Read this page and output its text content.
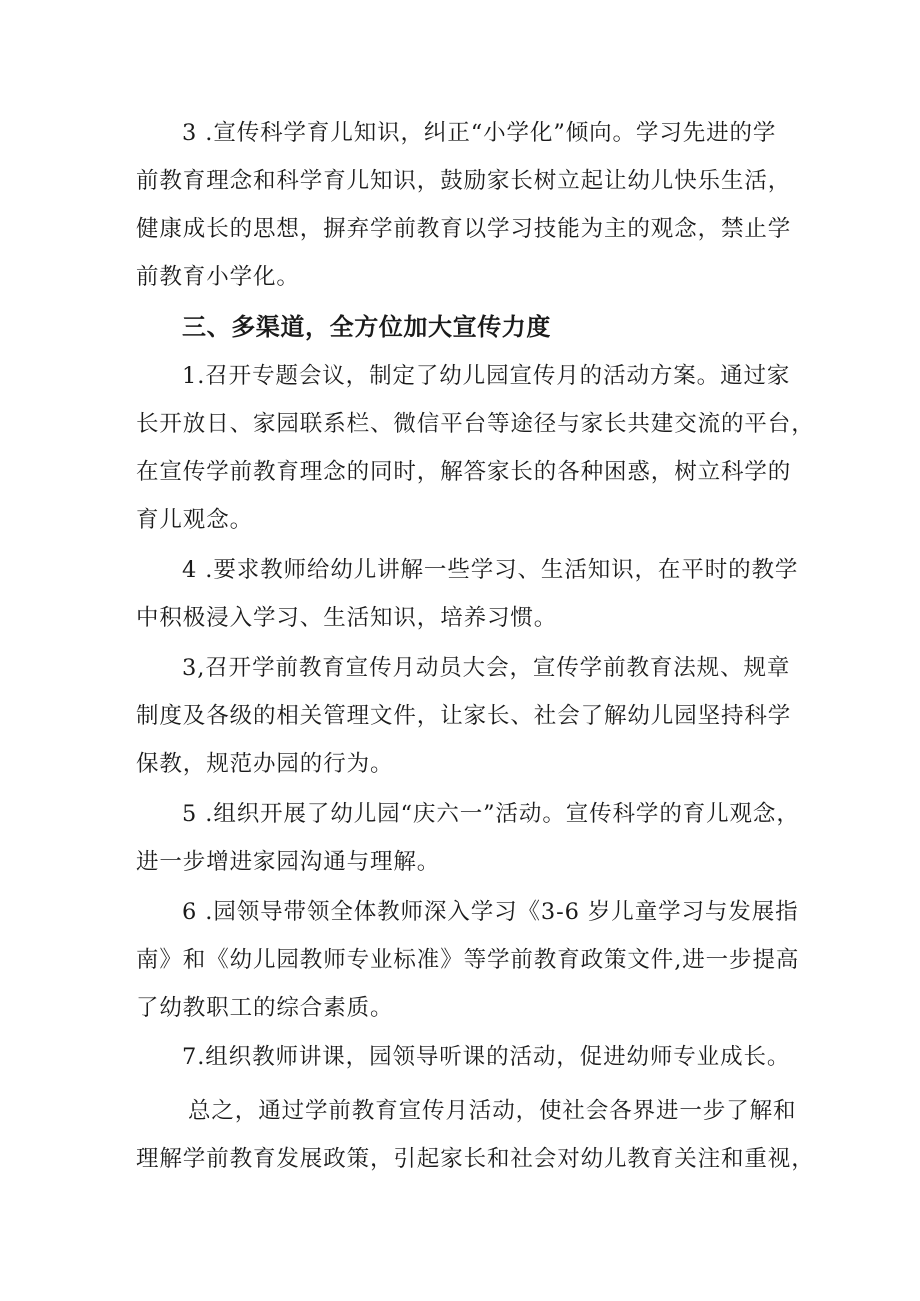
3 .宣传科学育儿知识，纠正“小学化”倾向。学习先进的学
前教育理念和科学育儿知识，鼓励家长树立起让幼儿快乐生活，
健康成长的思想，摒弃学前教育以学习技能为主的观念，禁止学
前教育小学化。
三、多渠道，全方位加大宣传力度
1.召开专题会议，制定了幼儿园宣传月的活动方案。通过家
长开放日、家园联系栏、微信平台等途径与家长共建交流的平台，
在宣传学前教育理念的同时，解答家长的各种困惑，树立科学的
育儿观念。
4 .要求教师给幼儿讲解一些学习、生活知识，在平时的教学
中积极浸入学习、生活知识，培养习惯。
3,召开学前教育宣传月动员大会，宣传学前教育法规、规章
制度及各级的相关管理文件，让家长、社会了解幼儿园坚持科学
保教，规范办园的行为。
5 .组织开展了幼儿园“庆六一”活动。宣传科学的育儿观念，
进一步增进家园沟通与理解。
6 .园领导带领全体教师深入学习《3-6 岁儿童学习与发展指
南》和《幼儿园教师专业标准》等学前教育政策文件,进一步提高
了幼教职工的综合素质。
7.组织教师讲课，园领导听课的活动，促进幼师专业成长。
总之，通过学前教育宣传月活动，使社会各界进一步了解和
理解学前教育发展政策，引起家长和社会对幼儿教育关注和重视，
